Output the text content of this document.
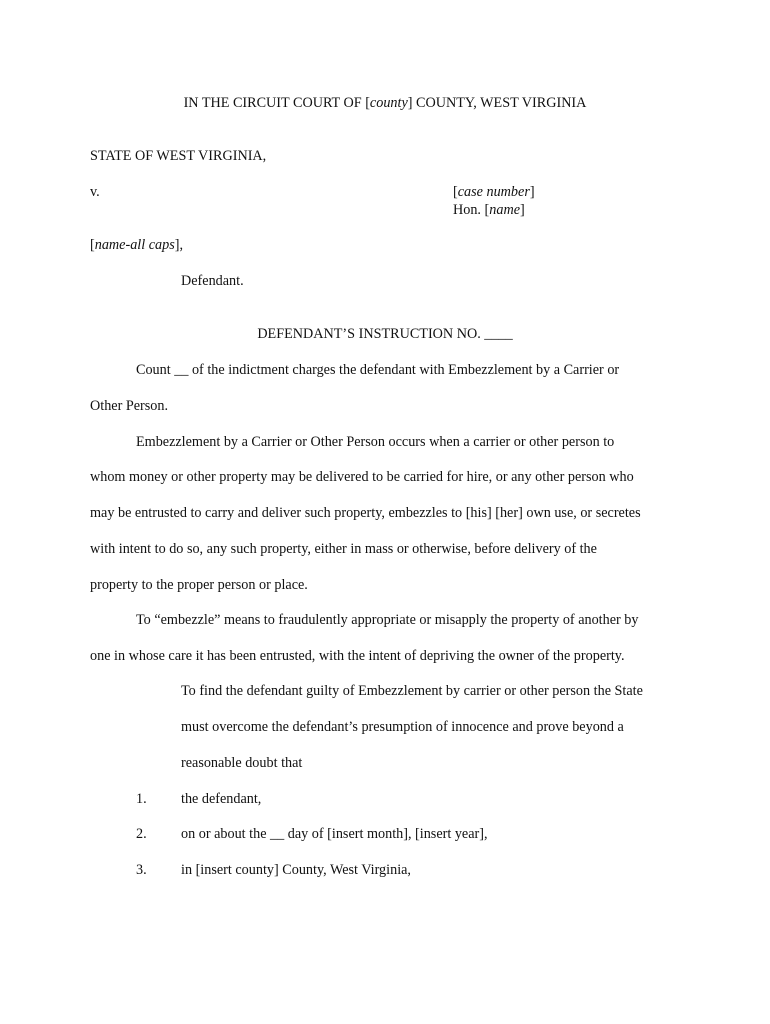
IN THE CIRCUIT COURT OF [county] COUNTY, WEST VIRGINIA
STATE OF WEST VIRGINIA,
v.	[case number]
Hon. [name]
[name-all caps],
Defendant.
DEFENDANT’S INSTRUCTION NO. ____
Count __ of the indictment charges the defendant with Embezzlement by a Carrier or
Other Person.
Embezzlement by a Carrier or Other Person occurs when a carrier or other person to
whom money or other property may be delivered to be carried for hire, or any other person who
may be entrusted to carry and deliver such property, embezzles to [his] [her] own use, or secretes
with intent to do so, any such property, either in mass or otherwise, before delivery of the
property to the proper person or place.
To “embezzle” means to fraudulently appropriate or misapply the property of another by
one in whose care it has been entrusted, with the intent of depriving the owner of the property.
To find the defendant guilty of Embezzlement by carrier or other person the State
must overcome the defendant’s presumption of innocence and prove beyond a
reasonable doubt that
1. the defendant,
2. on or about the __ day of [insert month], [insert year],
3. in [insert county] County, West Virginia,
